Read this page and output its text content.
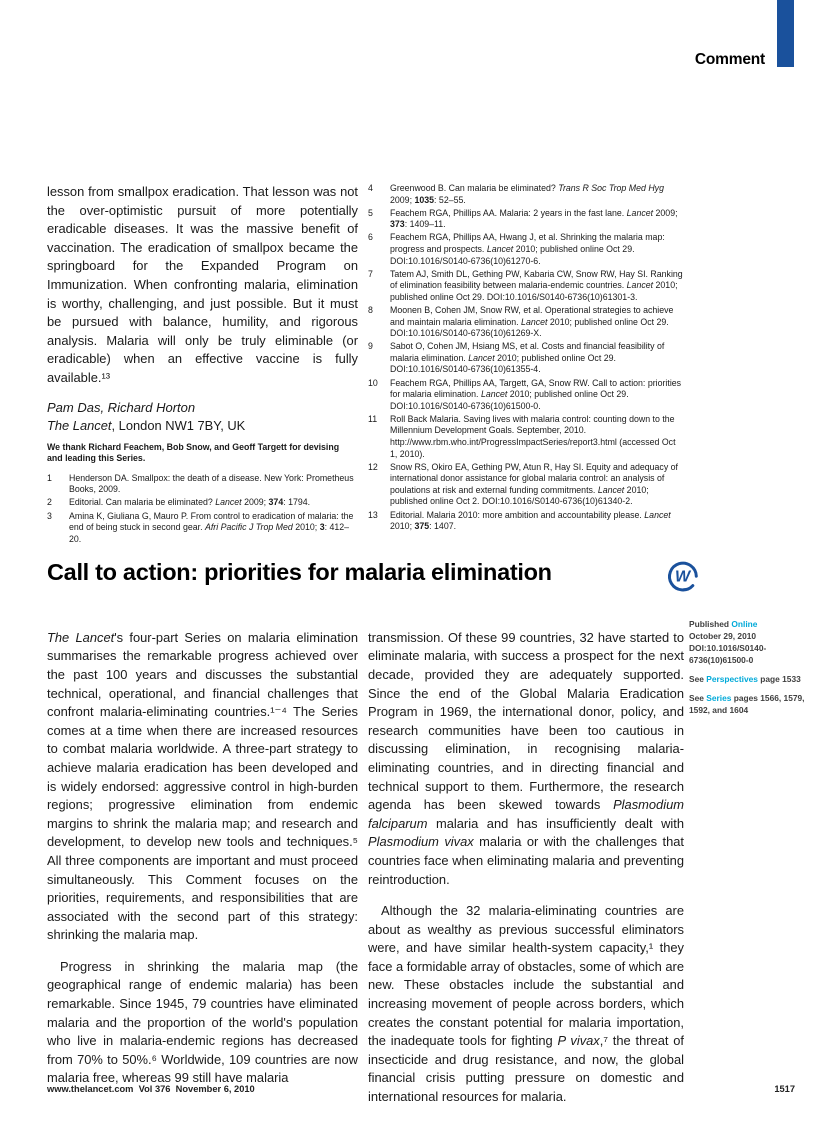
Comment

lesson from smallpox eradication. That lesson was not the over-optimistic pursuit of more potentially eradicable diseases. It was the massive benefit of vaccination. The eradication of smallpox became the springboard for the Expanded Program on Immunization. When confronting malaria, elimination is worthy, challenging, and just possible. But it must be pursued with balance, humility, and rigorous analysis. Malaria will only be truly eliminable (or eradicable) when an effective vaccine is fully available.¹³

Pam Das, Richard Horton

The Lancet, London NW1 7BY, UK

We thank Richard Feachem, Bob Snow, and Geoff Targett for devising and leading this Series.

1	Henderson DA. Smallpox: the death of a disease. New York: Prometheus Books, 2009.
2	Editorial. Can malaria be eliminated? Lancet 2009; 374: 1794.
3	Amina K, Giuliana G, Mauro P. From control to eradication of malaria: the end of being stuck in second gear. Afri Pacific J Trop Med 2010; 3: 412–20.
4	Greenwood B. Can malaria be eliminated? Trans R Soc Trop Med Hyg 2009; 1035: 52–55.
5	Feachem RGA, Phillips AA. Malaria: 2 years in the fast lane. Lancet 2009; 373: 1409–11.
6	Feachem RGA, Phillips AA, Hwang J, et al. Shrinking the malaria map: progress and prospects. Lancet 2010; published online Oct 29. DOI:10.1016/S0140-6736(10)61270-6.
7	Tatem AJ, Smith DL, Gething PW, Kabaria CW, Snow RW, Hay SI. Ranking of elimination feasibility between malaria-endemic countries. Lancet 2010; published online Oct 29. DOI:10.1016/S0140-6736(10)61301-3.
8	Moonen B, Cohen JM, Snow RW, et al. Operational strategies to achieve and maintain malaria elimination. Lancet 2010; published online Oct 29. DOI:10.1016/S0140-6736(10)61269-X.
9	Sabot O, Cohen JM, Hsiang MS, et al. Costs and financial feasibility of malaria elimination. Lancet 2010; published online Oct 29. DOI:10.1016/S0140-6736(10)61355-4.
10	Feachem RGA, Phillips AA, Targett, GA, Snow RW. Call to action: priorities for malaria elimination. Lancet 2010; published online Oct 29. DOI:10.1016/S0140-6736(10)61500-0.
11	Roll Back Malaria. Saving lives with malaria control: counting down to the Millennium Development Goals. September, 2010. http://www.rbm.who.int/ProgressImpactSeries/report3.html (accessed Oct 1, 2010).
12	Snow RS, Okiro EA, Gething PW, Atun R, Hay SI. Equity and adequacy of international donor assistance for global malaria control: an analysis of poulations at risk and external funding commitments. Lancet 2010; published online Oct 2. DOI:10.1016/S0140-6736(10)61340-2.
13	Editorial. Malaria 2010: more ambition and accountability please. Lancet 2010; 375: 1407.
Call to action: priorities for malaria elimination	W

The Lancet's four-part Series on malaria elimination summarises the remarkable progress achieved over the past 100 years and discusses the substantial technical, operational, and financial challenges that confront malaria-eliminating countries.¹⁻⁴ The Series comes at a time when there are increased resources to combat malaria worldwide. A three-part strategy to achieve malaria eradication has been developed and is widely endorsed: aggressive control in high-burden regions; progressive elimination from endemic margins to shrink the malaria map; and research and development, to develop new tools and techniques.⁵ All three components are important and must proceed simultaneously. This Comment focuses on the priorities, requirements, and responsibilities that are associated with the second part of this strategy: shrinking the malaria map.

Progress in shrinking the malaria map (the geographical range of endemic malaria) has been remarkable. Since 1945, 79 countries have eliminated malaria and the proportion of the world's population who live in malaria-endemic regions has decreased from 70% to 50%.⁶ Worldwide, 109 countries are now malaria free, whereas 99 still have malaria

transmission. Of these 99 countries, 32 have started to eliminate malaria, with success a prospect for the next decade, provided they are adequately supported. Since the end of the Global Malaria Eradication Program in 1969, the international donor, policy, and research communities have been too cautious in discussing elimination, in recognising malaria-eliminating countries, and in directing financial and technical support to them. Furthermore, the research agenda has been skewed towards Plasmodium falciparum malaria and has insufficiently dealt with Plasmodium vivax malaria or with the challenges that countries face when eliminating malaria and preventing reintroduction.

Although the 32 malaria-eliminating countries are about as wealthy as previous successful eliminators were, and have similar health-system capacity,¹ they face a formidable array of obstacles, some of which are new. These obstacles include the substantial and increasing movement of people across borders, which creates the constant potential for malaria importation, the inadequate tools for fighting P vivax,⁷ the threat of insecticide and drug resistance, and now, the global financial crisis putting pressure on domestic and international resources for malaria.

Published Online
October 29, 2010
DOI:10.1016/S0140-
6736(10)61500-0
See Perspectives page 1533
See Series pages 1566, 1579, 1592, and 1604
www.thelancet.com  Vol 376  November 6, 2010	1517
